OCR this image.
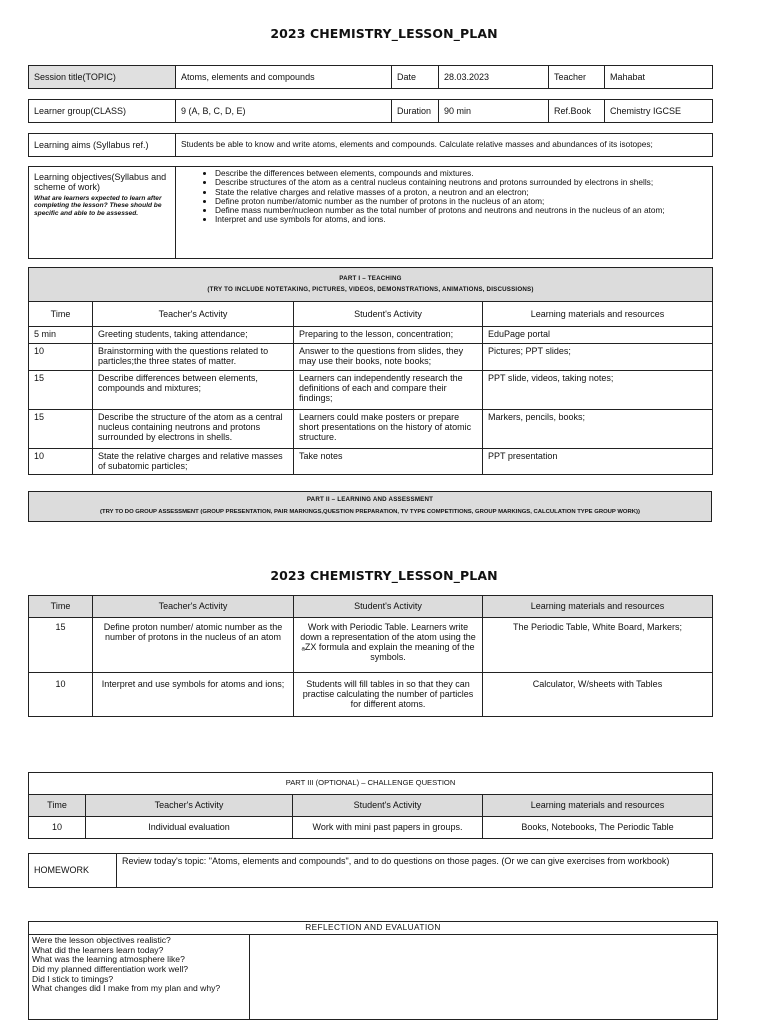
2023 CHEMISTRY_LESSON_PLAN
Session title(TOPIC)	Atoms, elements and compounds	Date	28.03.2023	Teacher	Mahabat
Learner group(CLASS)	9 (A, B, C, D, E)	Duration	90 min	Ref.Book	Chemistry IGCSE
Learning aims (Syllabus ref.)	Students be able to know and write atoms, elements and compounds. Calculate relative masses and abundances of its isotopes;
Learning objectives(Syllabus and scheme of work)
What are learners expected to learn after completing the lesson? These should be specific and able to be assessed.

• Describe the differences between elements, compounds and mixtures.
• Describe structures of the atom as a central nucleus containing neutrons and protons surrounded by electrons in shells;
• State the relative charges and relative masses of a proton, a neutron and an electron;
• Define proton number/atomic number as the number of protons in the nucleus of an atom;
• Define mass number/nucleon number as the total number of protons and neutrons and neutrons in the nucleus of an atom;
• Interpret and use symbols for atoms, and ions.
PART I – TEACHING
(TRY TO INCLUDE NOTETAKING, PICTURES, VIDEOS, DEMONSTRATIONS, ANIMATIONS, DISCUSSIONS)			

Time	Teacher's Activity	Student's Activity	Learning materials and resources
5 min	Greeting students, taking attendance;	Preparing to the lesson, concentration;	EduPage portal
10	Brainstorming with the questions related to particles;the three states of matter.	Answer to the questions from slides, they may use their books, note books;	Pictures; PPT slides;
15	Describe differences between elements, compounds and mixtures;	Learners can independently research the definitions of each and compare their findings;	PPT slide, videos, taking notes;
15	Describe the structure of the atom as a central nucleus containing neutrons and protons surrounded by electrons in shells.	Learners could make posters or prepare short presentations on the history of atomic structure.	Markers, pencils, books;
10	State the relative charges and relative masses of subatomic particles;	Take notes	PPT presentation
PART II – LEARNING AND ASSESSMENT
(TRY TO DO GROUP ASSESSMENT (GROUP PRESENTATION, PAIR MARKINGS,QUESTION PREPARATION, TV TYPE COMPETITIONS, GROUP MARKINGS, CALCULATION TYPE GROUP WORK))
2023 CHEMISTRY_LESSON_PLAN
Time	Teacher's Activity	Student's Activity	Learning materials and resources
15	Define proton number/ atomic number as the number of protons in the nucleus of an atom	Work with Periodic Table. Learners write down a representation of the atom using the ₐZX formula and explain the meaning of the symbols.	The Periodic Table, White Board, Markers;
10	Interpret and use symbols for atoms and ions;	Students will fill tables in so that they can practise calculating the number of particles for different atoms.	Calculator, W/sheets with Tables
PART III (OPTIONAL) – CHALLENGE QUESTION			
Time	Teacher's Activity	Student's Activity	Learning materials and resources
10	Individual evaluation	Work with mini past papers in groups.	Books, Notebooks, The Periodic Table
HOMEWORK	Review today's topic: "Atoms, elements and compounds", and to do questions on those pages. (Or we can give exercises from workbook)
REFLECTION AND EVALUATION

Were the lesson objectives realistic?
What did the learners learn today?
What was the learning atmosphere like?
Did my planned differentiation work well?
Did I stick to timings?
What changes did I make from my plan and why?
